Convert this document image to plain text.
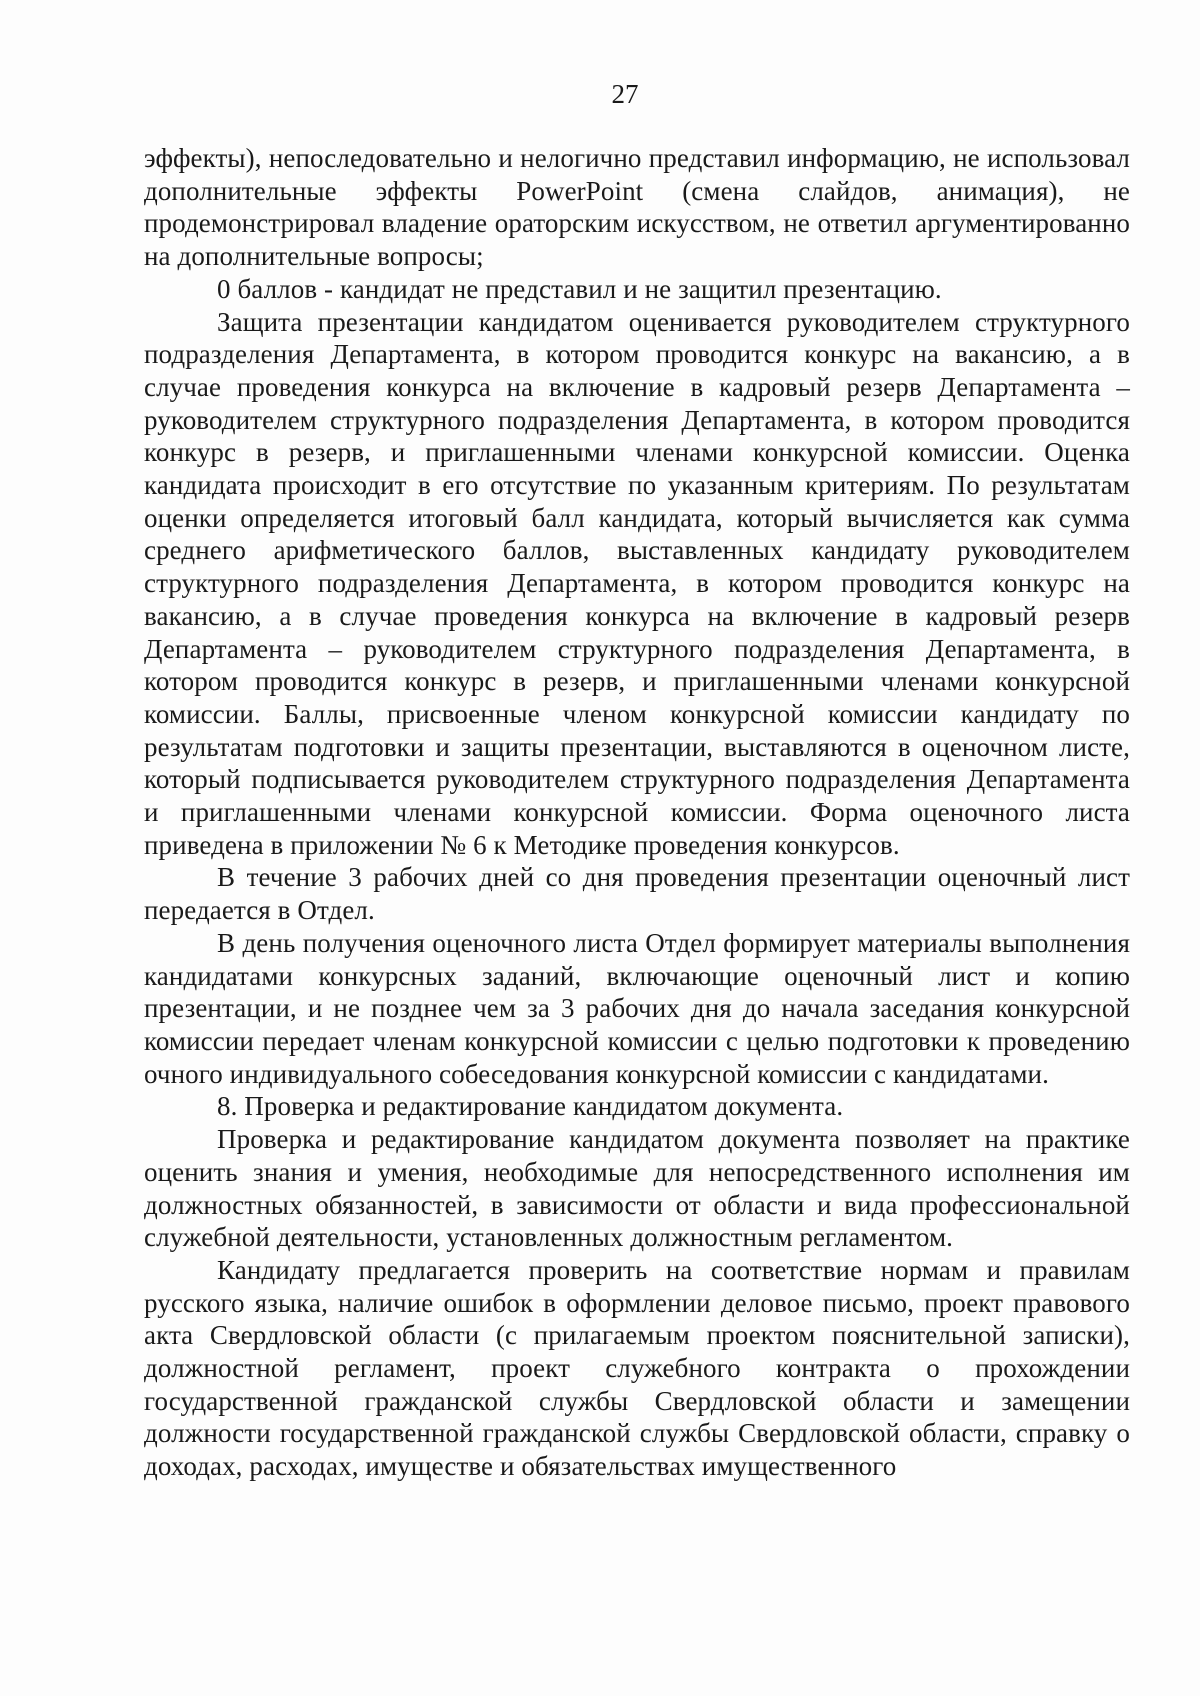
27

эффекты), непоследовательно и нелогично представил информацию, не использовал дополнительные эффекты PowerPoint (смена слайдов, анимация), не продемонстрировал владение ораторским искусством, не ответил аргументированно на дополнительные вопросы;

0 баллов - кандидат не представил и не защитил презентацию.

Защита презентации кандидатом оценивается руководителем структурного подразделения Департамента, в котором проводится конкурс на вакансию, а в случае проведения конкурса на включение в кадровый резерв Департамента – руководителем структурного подразделения Департамента, в котором проводится конкурс в резерв, и приглашенными членами конкурсной комиссии. Оценка кандидата происходит в его отсутствие по указанным критериям. По результатам оценки определяется итоговый балл кандидата, который вычисляется как сумма среднего арифметического баллов, выставленных кандидату руководителем структурного подразделения Департамента, в котором проводится конкурс на вакансию, а в случае проведения конкурса на включение в кадровый резерв Департамента – руководителем структурного подразделения Департамента, в котором проводится конкурс в резерв, и приглашенными членами конкурсной комиссии. Баллы, присвоенные членом конкурсной комиссии кандидату по результатам подготовки и защиты презентации, выставляются в оценочном листе, который подписывается руководителем структурного подразделения Департамента и приглашенными членами конкурсной комиссии. Форма оценочного листа приведена в приложении № 6 к Методике проведения конкурсов.

В течение 3 рабочих дней со дня проведения презентации оценочный лист передается в Отдел.

В день получения оценочного листа Отдел формирует материалы выполнения кандидатами конкурсных заданий, включающие оценочный лист и копию презентации, и не позднее чем за 3 рабочих дня до начала заседания конкурсной комиссии передает членам конкурсной комиссии с целью подготовки к проведению очного индивидуального собеседования конкурсной комиссии с кандидатами.

8. Проверка и редактирование кандидатом документа.

Проверка и редактирование кандидатом документа позволяет на практике оценить знания и умения, необходимые для непосредственного исполнения им должностных обязанностей, в зависимости от области и вида профессиональной служебной деятельности, установленных должностным регламентом.

Кандидату предлагается проверить на соответствие нормам и правилам русского языка, наличие ошибок в оформлении деловое письмо, проект правового акта Свердловской области (с прилагаемым проектом пояснительной записки), должностной регламент, проект служебного контракта о прохождении государственной гражданской службы Свердловской области и замещении должности государственной гражданской службы Свердловской области, справку о доходах, расходах, имуществе и обязательствах имущественного
